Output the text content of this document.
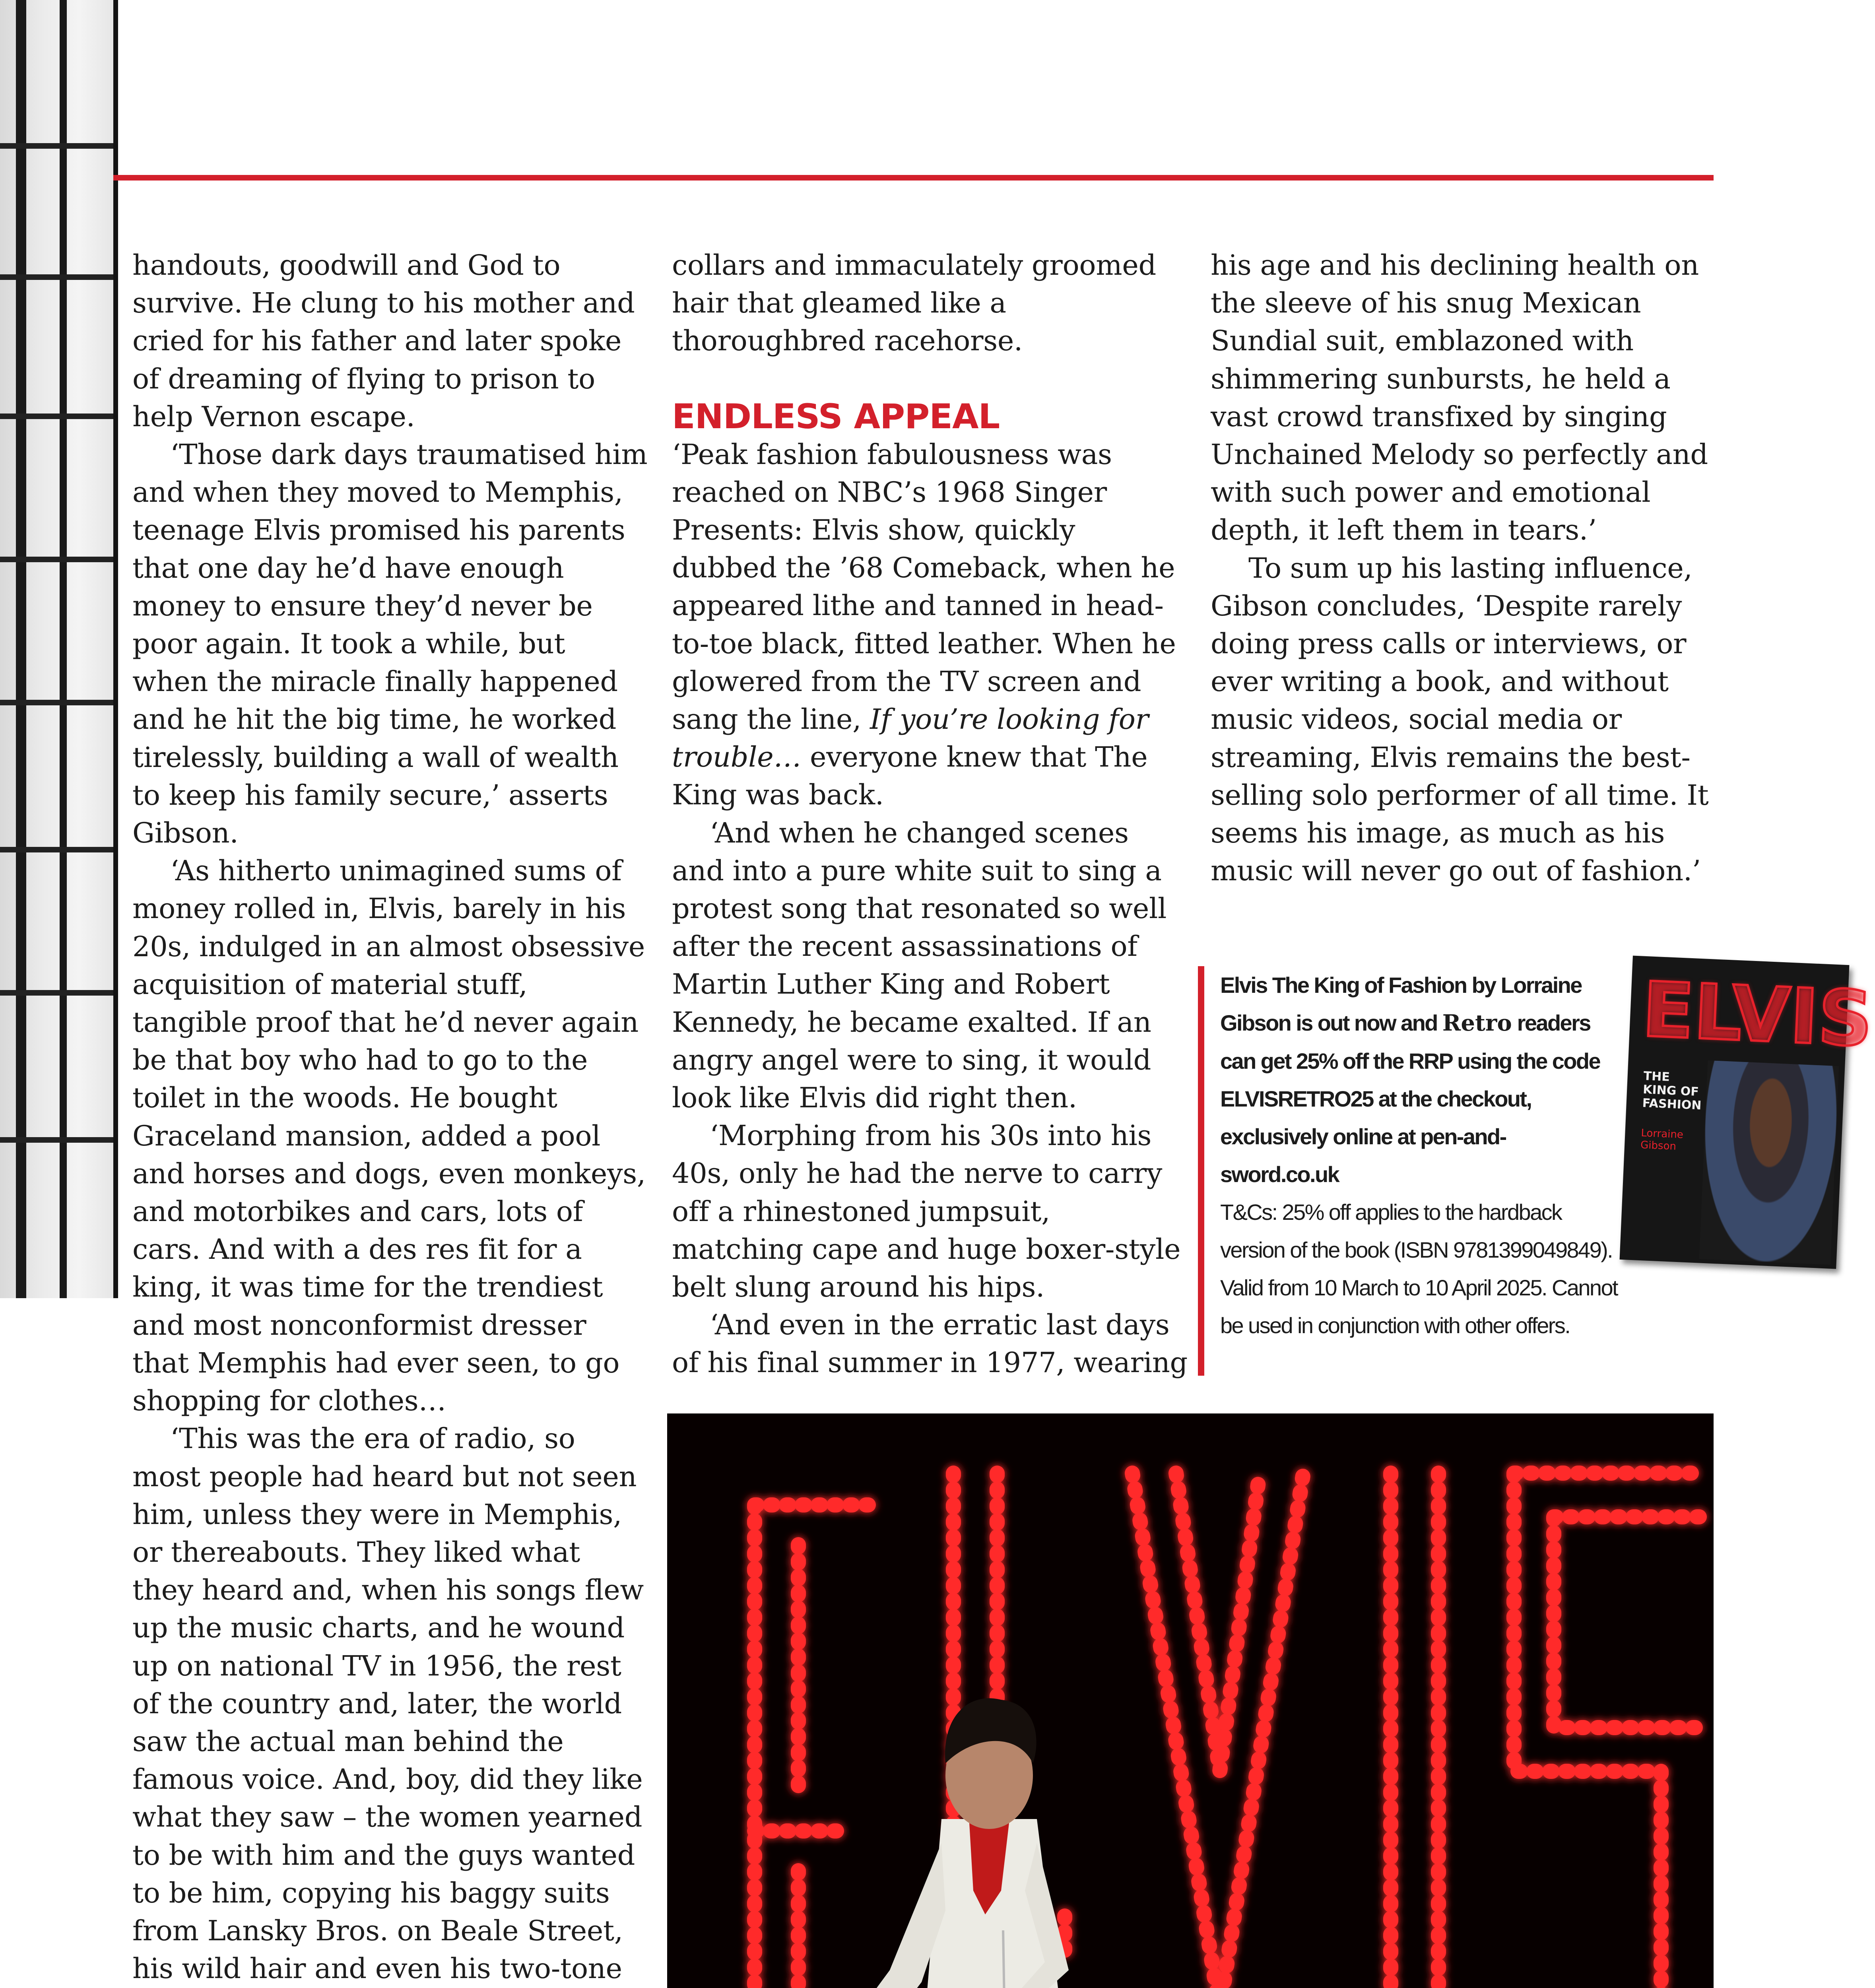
handouts, goodwill and God to survive. He clung to his mother and cried for his father and later spoke of dreaming of flying to prison to help Vernon escape.

‘Those dark days traumatised him and when they moved to Memphis, teenage Elvis promised his parents that one day he’d have enough money to ensure they’d never be poor again. It took a while, but when the miracle finally happened and he hit the big time, he worked tirelessly, building a wall of wealth to keep his family secure,’ asserts Gibson.

‘As hitherto unimagined sums of money rolled in, Elvis, barely in his 20s, indulged in an almost obsessive acquisition of material stuff, tangible proof that he’d never again be that boy who had to go to the toilet in the woods. He bought Graceland mansion, added a pool and horses and dogs, even monkeys, and motorbikes and cars, lots of cars. And with a des res fit for a king, it was time for the trendiest and most nonconformist dresser that Memphis had ever seen, to go shopping for clothes…

‘This was the era of radio, so most people had heard but not seen him, unless they were in Memphis, or thereabouts. They liked what they heard and, when his songs flew up the music charts, and he wound up on national TV in 1956, the rest of the country and, later, the world saw the actual man behind the famous voice. And, boy, did they like what they saw – the women yearned to be with him and the guys wanted to be him, copying his baggy suits from Lansky Bros. on Beale Street, his wild hair and even his two-tone

collars and immaculately groomed hair that gleamed like a thoroughbred racehorse.

ENDLESS APPEAL

‘Peak fashion fabulousness was reached on NBC’s 1968 Singer Presents: Elvis show, quickly dubbed the ’68 Comeback, when he appeared lithe and tanned in head-to-toe black, fitted leather. When he glowered from the TV screen and sang the line, If you’re looking for trouble… everyone knew that The King was back.

‘And when he changed scenes and into a pure white suit to sing a protest song that resonated so well after the recent assassinations of Martin Luther King and Robert Kennedy, he became exalted. If an angry angel were to sing, it would look like Elvis did right then.

‘Morphing from his 30s into his 40s, only he had the nerve to carry off a rhinestoned jumpsuit, matching cape and huge boxer-style belt slung around his hips.

‘And even in the erratic last days of his final summer in 1977, wearing

his age and his declining health on the sleeve of his snug Mexican Sundial suit, emblazoned with shimmering sunbursts, he held a vast crowd transfixed by singing Unchained Melody so perfectly and with such power and emotional depth, it left them in tears.’

To sum up his lasting influence, Gibson concludes, ‘Despite rarely doing press calls or interviews, or ever writing a book, and without music videos, social media or streaming, Elvis remains the best-selling solo performer of all time. It seems his image, as much as his music will never go out of fashion.’

Elvis The King of Fashion by Lorraine Gibson is out now and Retro readers can get 25% off the RRP using the code ELVISRETRO25 at the checkout, exclusively online at pen-and-sword.co.uk
T&Cs: 25% off applies to the hardback version of the book (ISBN 9781399049849). Valid from 10 March to 10 April 2025. Cannot be used in conjunction with other offers.
ELVIS
THE KING OF FASHION
Lorraine Gibson
